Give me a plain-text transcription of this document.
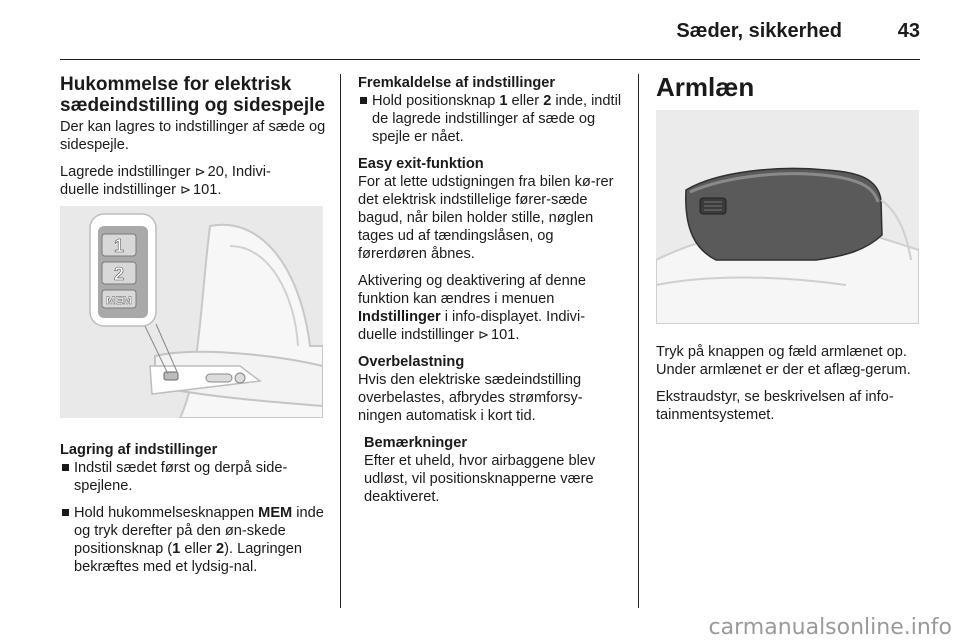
Sæder, sikkerhed	43
Hukommelse for elektrisk
sædeindstilling og sidespejle

Der kan lagres to indstillinger af sæde og sidespejle.

Lagrede indstillinger ⊳ 20, Indivi-
duelle indstillinger ⊳ 101.

1
2
MEM
Lagring af indstillinger
Indstil sædet først og derpå side-spejlene.
Hold hukommelsesknappen MEM inde og tryk derefter på den øn-skede positionsknap (1 eller 2). Lagringen bekræftes med et lydsig-nal.
Fremkaldelse af indstillinger
Hold positionsknap 1 eller 2 inde, indtil de lagrede indstillinger af sæde og spejle er nået.
Easy exit-funktion

For at lette udstigningen fra bilen kø-rer det elektrisk indstillelige fører-sæde bagud, når bilen holder stille, nøglen tages ud af tændingslåsen, og førerdøren åbnes.

Aktivering og deaktivering af denne funktion kan ændres i menuen Indstillinger i info-displayet. Indivi-duelle indstillinger ⊳ 101.

Overbelastning

Hvis den elektriske sædeindstilling overbelastes, afbrydes strømforsy-ningen automatisk i kort tid.

Bemærkninger

Efter et uheld, hvor airbaggene blev udløst, vil positionsknapperne være deaktiveret.

Armlæn

Tryk på knappen og fæld armlænet op. Under armlænet er der et aflæg-gerum.

Ekstraudstyr, se beskrivelsen af info-tainmentsystemet.

carmanualsonline.info
